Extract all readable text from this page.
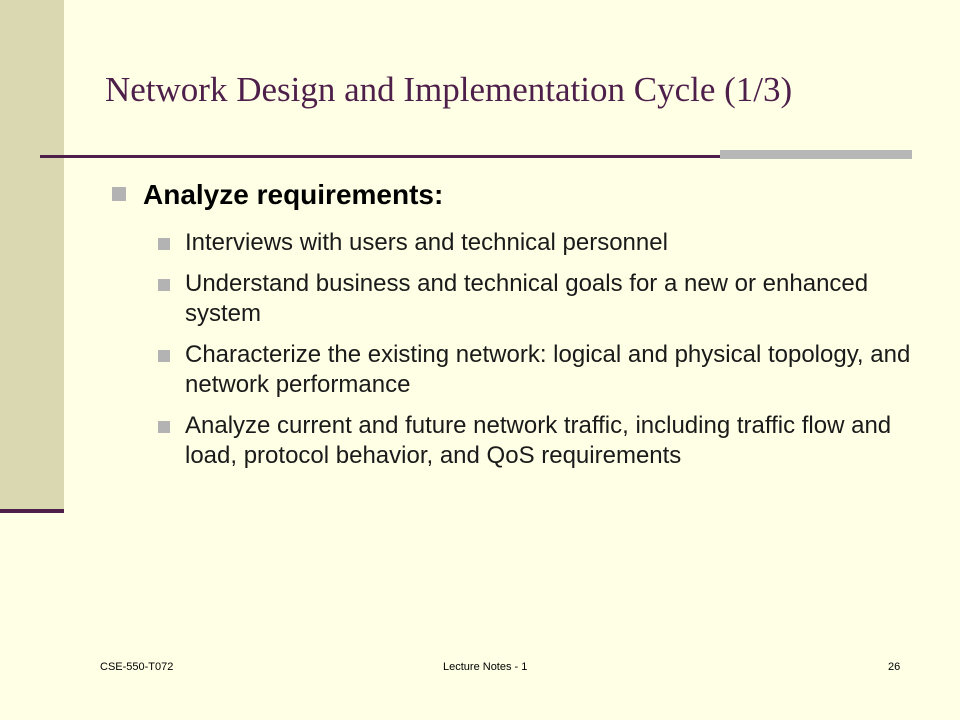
Network Design and Implementation Cycle (1/3)
Analyze requirements:
Interviews with users and technical personnel
Understand business and technical goals for a new or enhanced system
Characterize the existing network: logical and physical topology, and network performance
Analyze current and future network traffic, including traffic flow and load, protocol behavior, and QoS requirements
CSE-550-T072	Lecture Notes - 1	26
